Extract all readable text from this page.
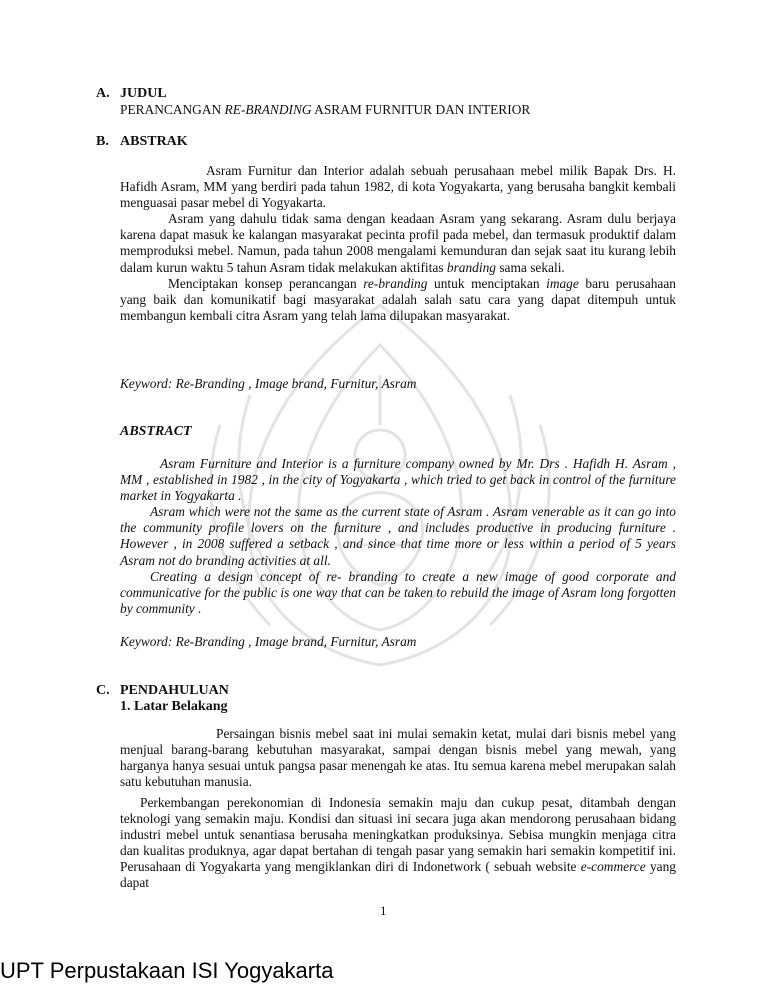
A. JUDUL
PERANCANGAN RE-BRANDING ASRAM FURNITUR DAN INTERIOR
B. ABSTRAK

Asram Furnitur dan Interior adalah sebuah perusahaan mebel milik Bapak Drs. H. Hafidh Asram, MM yang berdiri pada tahun 1982, di kota Yogyakarta, yang berusaha bangkit kembali menguasai pasar mebel di Yogyakarta.

Asram yang dahulu tidak sama dengan keadaan Asram yang sekarang. Asram dulu berjaya karena dapat masuk ke kalangan masyarakat pecinta profil pada mebel, dan termasuk produktif dalam memproduksi mebel. Namun, pada tahun 2008 mengalami kemunduran dan sejak saat itu kurang lebih dalam kurun waktu 5 tahun Asram tidak melakukan aktifitas branding sama sekali.

Menciptakan konsep perancangan re-branding untuk menciptakan image baru perusahaan yang baik dan komunikatif bagi masyarakat adalah salah satu cara yang dapat ditempuh untuk membangun kembali citra Asram yang telah lama dilupakan masyarakat.

Keyword: Re-Branding , Image brand, Furnitur, Asram
ABSTRACT

Asram Furniture and Interior is a furniture company owned by Mr. Drs . Hafidh H. Asram , MM , established in 1982 , in the city of Yogyakarta , which tried to get back in control of the furniture market in Yogyakarta .

Asram which were not the same as the current state of Asram . Asram venerable as it can go into the community profile lovers on the furniture , and includes productive in producing furniture . However , in 2008 suffered a setback , and since that time more or less within a period of 5 years Asram not do branding activities at all.

Creating a design concept of re- branding to create a new image of good corporate and communicative for the public is one way that can be taken to rebuild the image of Asram long forgotten by community .

Keyword: Re-Branding , Image brand, Furnitur, Asram
C. PENDAHULUAN
1. Latar Belakang

Persaingan bisnis mebel saat ini mulai semakin ketat, mulai dari bisnis mebel yang menjual barang-barang kebutuhan masyarakat, sampai dengan bisnis mebel yang mewah, yang harganya hanya sesuai untuk pangsa pasar menengah ke atas. Itu semua karena mebel merupakan salah satu kebutuhan manusia.

Perkembangan perekonomian di Indonesia semakin maju dan cukup pesat, ditambah dengan teknologi yang semakin maju. Kondisi dan situasi ini secara juga akan mendorong perusahaan bidang industri mebel untuk senantiasa berusaha meningkatkan produksinya. Sebisa mungkin menjaga citra dan kualitas produknya, agar dapat bertahan di tengah pasar yang semakin hari semakin kompetitif ini. Perusahaan di Yogyakarta yang mengiklankan diri di Indonetwork ( sebuah website e-commerce yang dapat

1
UPT Perpustakaan ISI Yogyakarta
